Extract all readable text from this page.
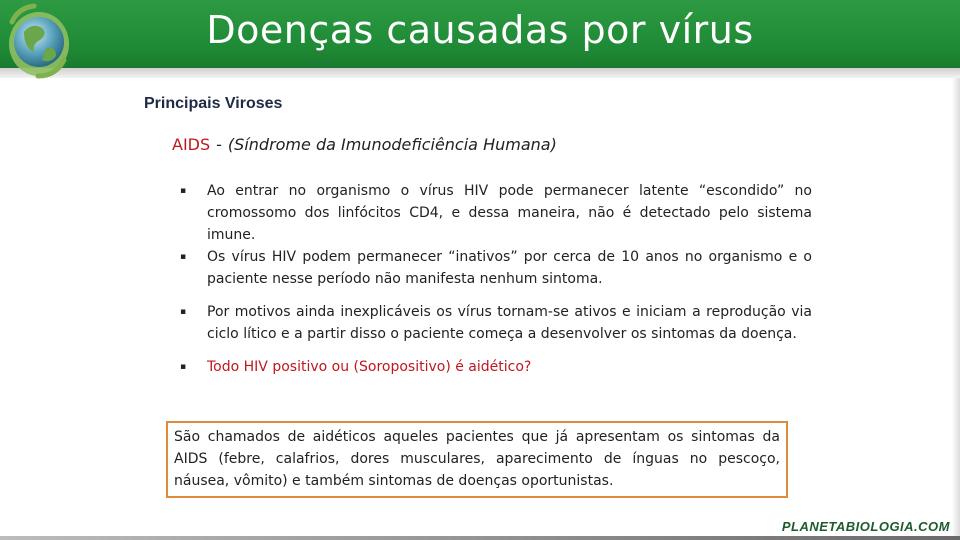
Doenças causadas por vírus
Principais Viroses
AIDS - (Síndrome da Imunodeficiência Humana)
▪	Ao entrar no organismo o vírus HIV pode permanecer latente “escondido” no cromossomo dos linfócitos CD4, e dessa maneira, não é detectado pelo sistema imune.
▪	Os vírus HIV podem permanecer “inativos” por cerca de 10 anos no organismo e o paciente nesse período não manifesta nenhum sintoma.
▪	Por motivos ainda inexplicáveis os vírus tornam-se ativos e iniciam a reprodução via ciclo lítico e a partir disso o paciente começa a desenvolver os sintomas da doença.
▪	Todo HIV positivo ou (Soropositivo) é aidético?
São chamados de aidéticos aqueles pacientes que já apresentam os sintomas da AIDS (febre, calafrios, dores musculares, aparecimento de ínguas no pescoço, náusea, vômito) e também sintomas de doenças oportunistas.
PLANETABIOLOGIA.COM
